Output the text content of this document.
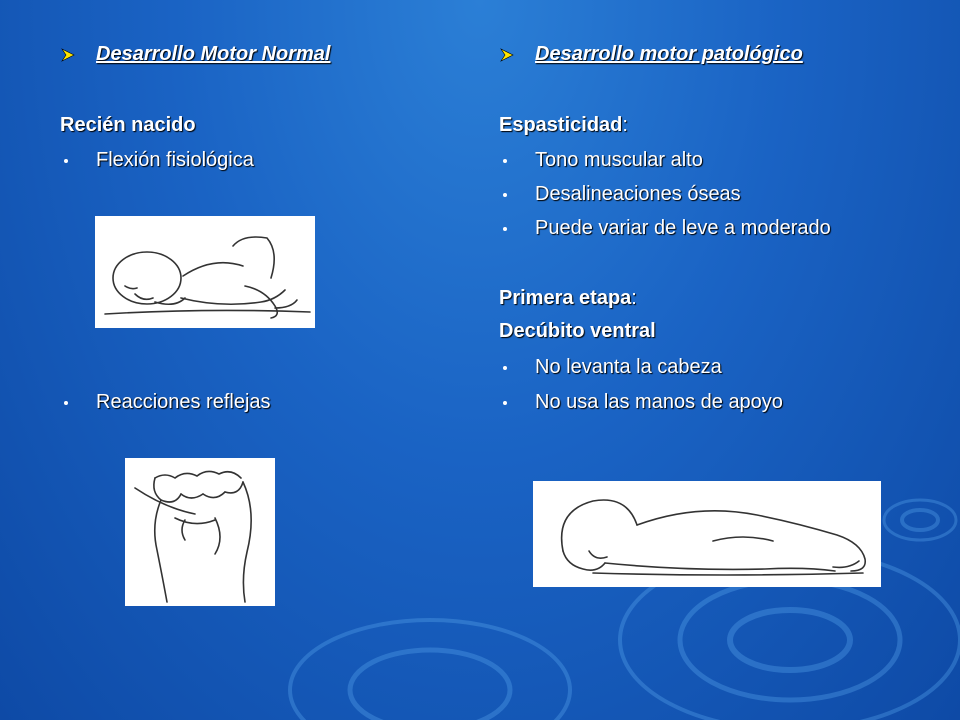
Desarrollo Motor Normal
Recién nacido
Flexión fisiológica
Reacciones reflejas
Desarrollo motor patológico
Espasticidad:
Tono muscular alto
Desalineaciones óseas
Puede variar de leve a moderado
Primera etapa:
Decúbito ventral
No levanta la cabeza
No usa las manos de apoyo
